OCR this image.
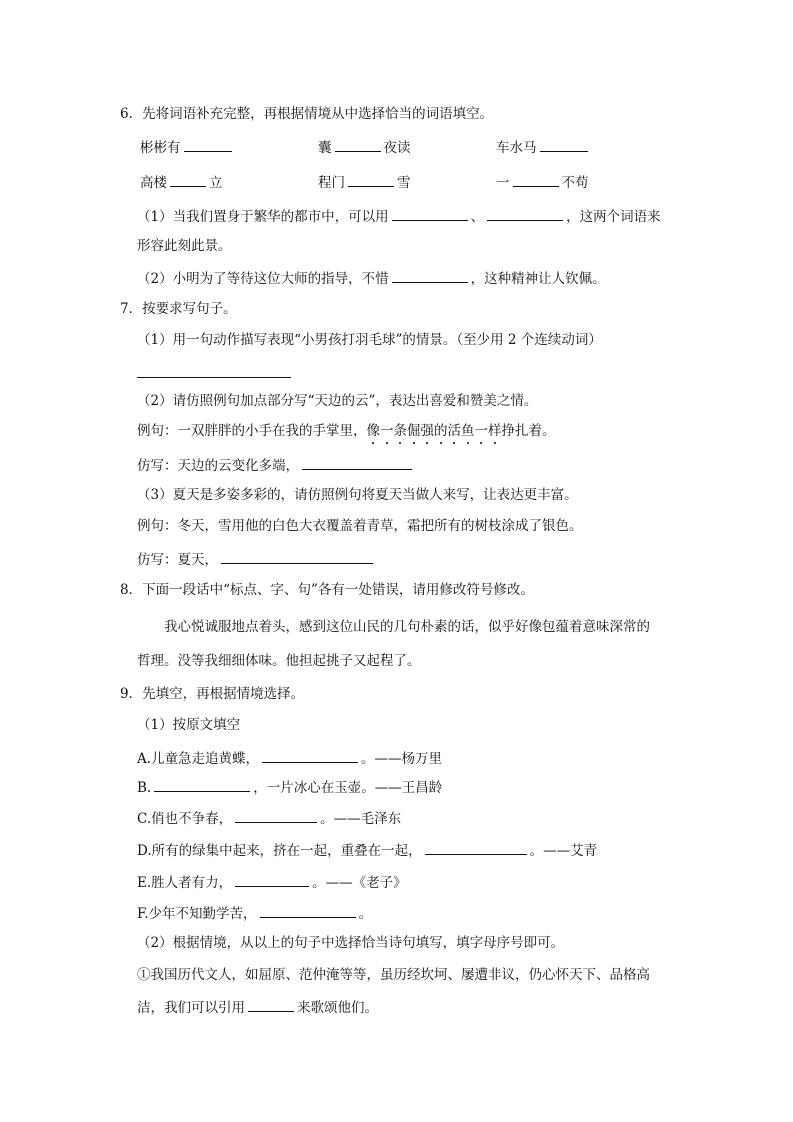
6．先将词语补充完整，再根据情境从中选择恰当的词语填空。
彬彬有	囊	夜读	车水马
高楼	立	程门	雪	一	不苟
（1）当我们置身于繁华的都市中，可以用	、	，这两个词语来
形容此刻此景。
（2）小明为了等待这位大师的指导，不惜	，这种精神让人钦佩。
7．按要求写句子。
（1）用一句动作描写表现“小男孩打羽毛球”的情景。（至少用 2 个连续动词）
（2）请仿照例句加点部分写“天边的云”，表达出喜爱和赞美之情。
例句：一双胖胖的小手在我的手掌里，像一条倔强的活鱼一样挣扎着。
仿写：天边的云变化多端，
（3）夏天是多姿多彩的，请仿照例句将夏天当做人来写，让表达更丰富。
例句：冬天，雪用他的白色大衣覆盖着青草，霜把所有的树枝涂成了银色。
仿写：夏天，
8．下面一段话中“标点、字、句”各有一处错误，请用修改符号修改。
我心悦诚服地点着头，感到这位山民的几句朴素的话，似乎好像包蕴着意味深常的
哲理。没等我细细体味。他担起挑子又起程了。
9．先填空，再根据情境选择。
（1）按原文填空
A.儿童急走追黄蝶，	。——杨万里
B.	，一片冰心在玉壶。——王昌龄
C.俏也不争春，	。——毛泽东
D.所有的绿集中起来，挤在一起，重叠在一起，	。——艾青
E.胜人者有力，	。——《老子》
F.少年不知勤学苦，	。
（2）根据情境，从以上的句子中选择恰当诗句填写，填字母序号即可。
①我国历代文人，如屈原、范仲淹等等，虽历经坎坷、屡遭非议，仍心怀天下、品格高
洁，我们可以引用	来歌颂他们。
